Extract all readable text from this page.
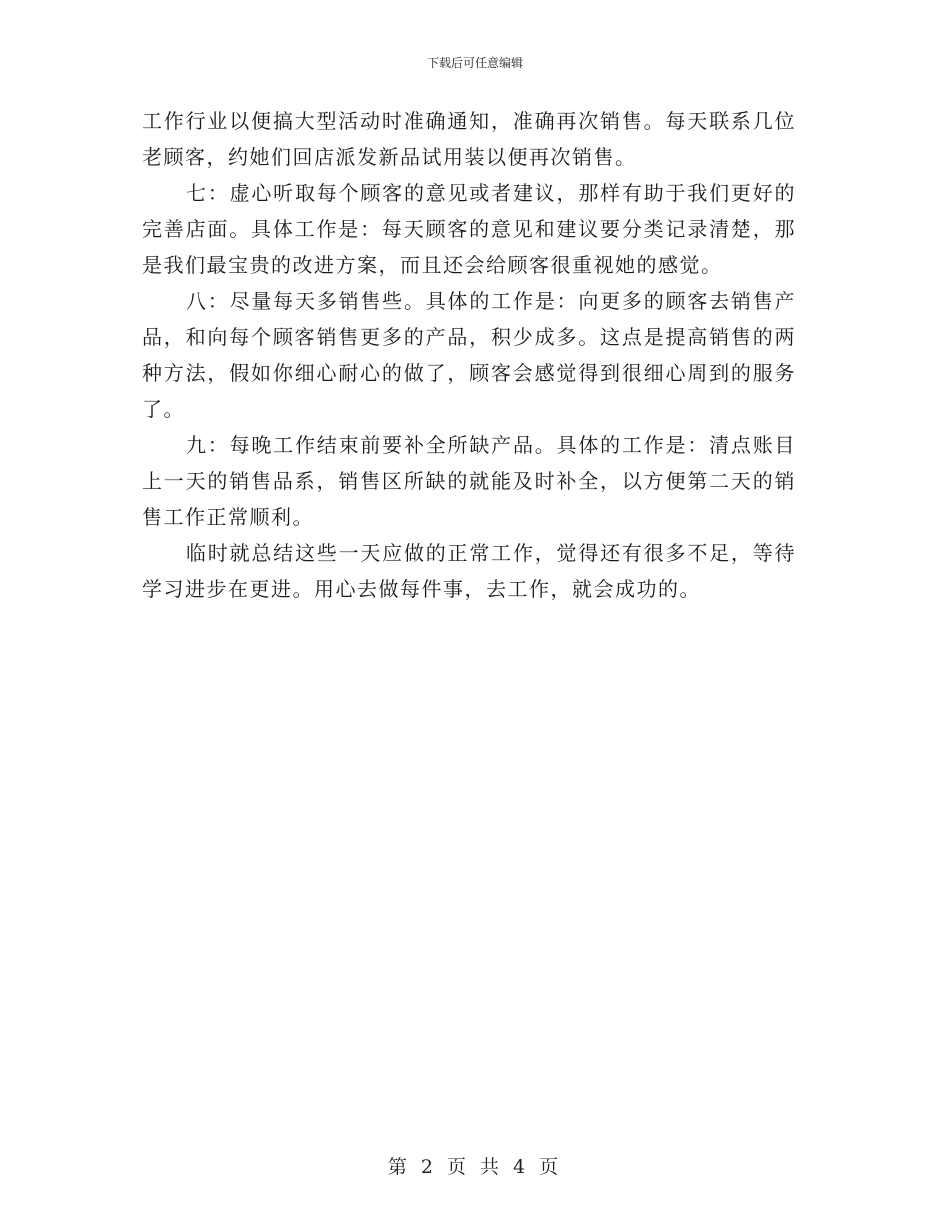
下载后可任意编辑

工作行业以便搞大型活动时准确通知，准确再次销售。每天联系几位老顾客，约她们回店派发新品试用装以便再次销售。

七：虚心听取每个顾客的意见或者建议，那样有助于我们更好的完善店面。具体工作是：每天顾客的意见和建议要分类记录清楚，那是我们最宝贵的改进方案，而且还会给顾客很重视她的感觉。

八：尽量每天多销售些。具体的工作是：向更多的顾客去销售产品，和向每个顾客销售更多的产品，积少成多。这点是提高销售的两种方法，假如你细心耐心的做了，顾客会感觉得到很细心周到的服务了。

九：每晚工作结束前要补全所缺产品。具体的工作是：清点账目上一天的销售品系，销售区所缺的就能及时补全，以方便第二天的销售工作正常顺利。

临时就总结这些一天应做的正常工作，觉得还有很多不足，等待学习进步在更进。用心去做每件事，去工作，就会成功的。

第 2 页 共 4 页
